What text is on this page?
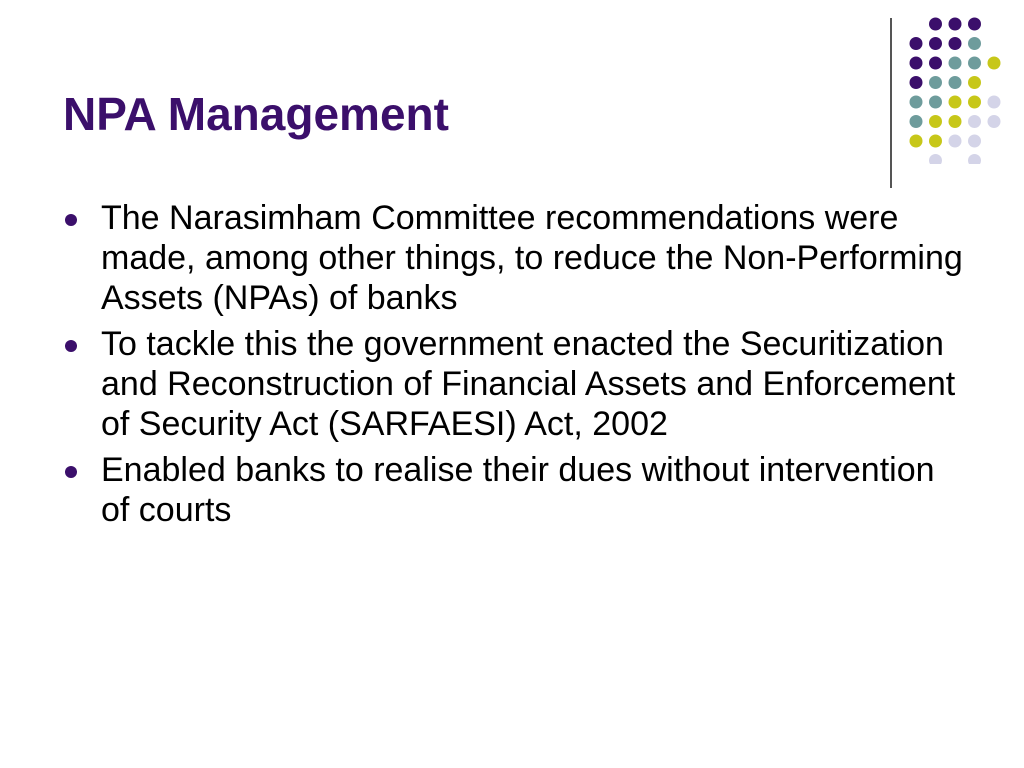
NPA Management
The Narasimham Committee recommendations were made, among other things, to reduce the Non-Performing Assets (NPAs) of banks
To tackle this the government enacted the Securitization and Reconstruction of Financial Assets and Enforcement of Security Act (SARFAESI) Act, 2002
Enabled banks to realise their dues without intervention of courts
